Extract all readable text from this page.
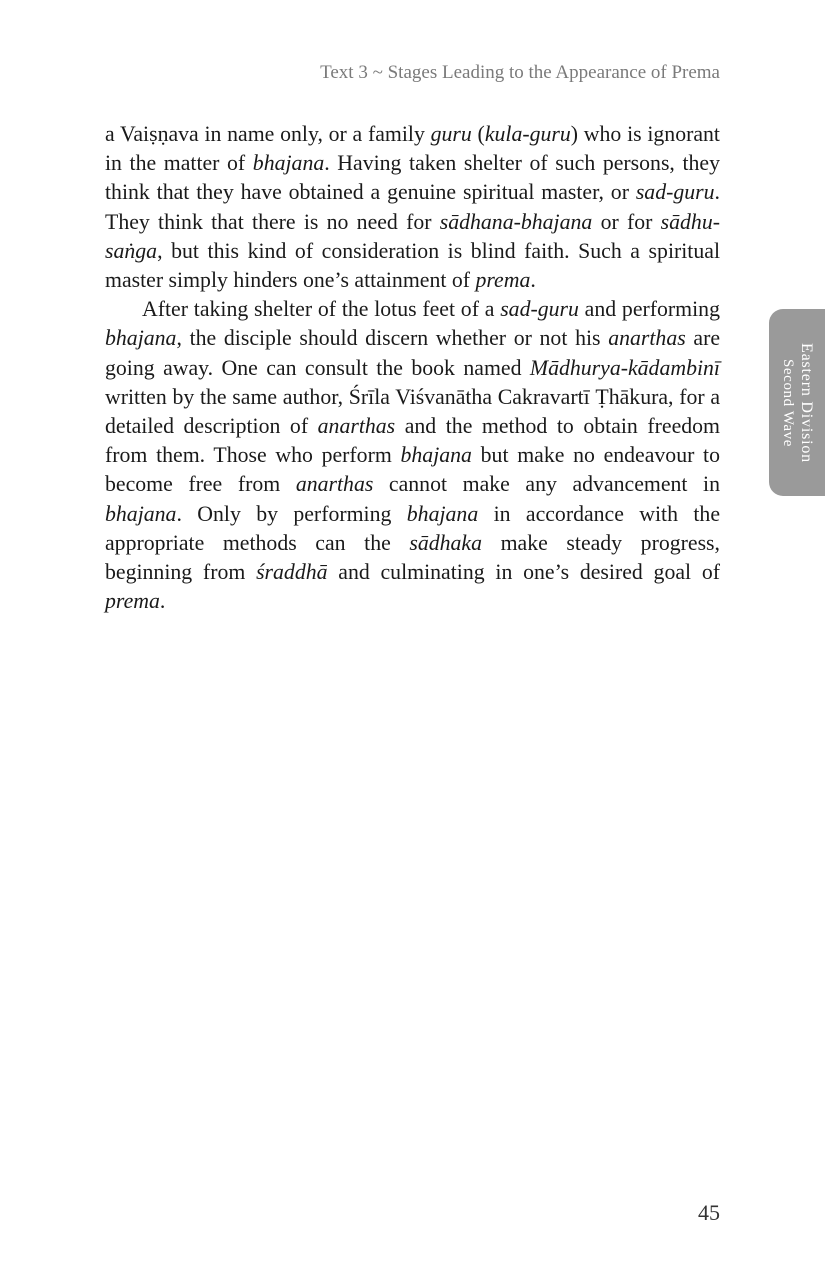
Text 3 ~ Stages Leading to the Appearance of Prema
Eastern Division
Second Wave

a Vaiṣṇava in name only, or a family guru (kula-guru) who is ignorant in the matter of bhajana. Having taken shelter of such persons, they think that they have obtained a genuine spiritual master, or sad-guru. They think that there is no need for sādhana-bhajana or for sādhu-saṅga, but this kind of consideration is blind faith. Such a spiritual master simply hinders one’s attainment of prema.

After taking shelter of the lotus feet of a sad-guru and performing bhajana, the disciple should discern whether or not his anarthas are going away. One can consult the book named Mādhurya-kādambinī written by the same author, Śrīla Viśvanātha Cakravartī Ṭhākura, for a detailed description of anarthas and the method to obtain freedom from them. Those who perform bhajana but make no endeavour to become free from anarthas cannot make any advancement in bhajana. Only by performing bhajana in accordance with the appropriate methods can the sādhaka make steady progress, beginning from śraddhā and culminating in one’s desired goal of prema.

45
